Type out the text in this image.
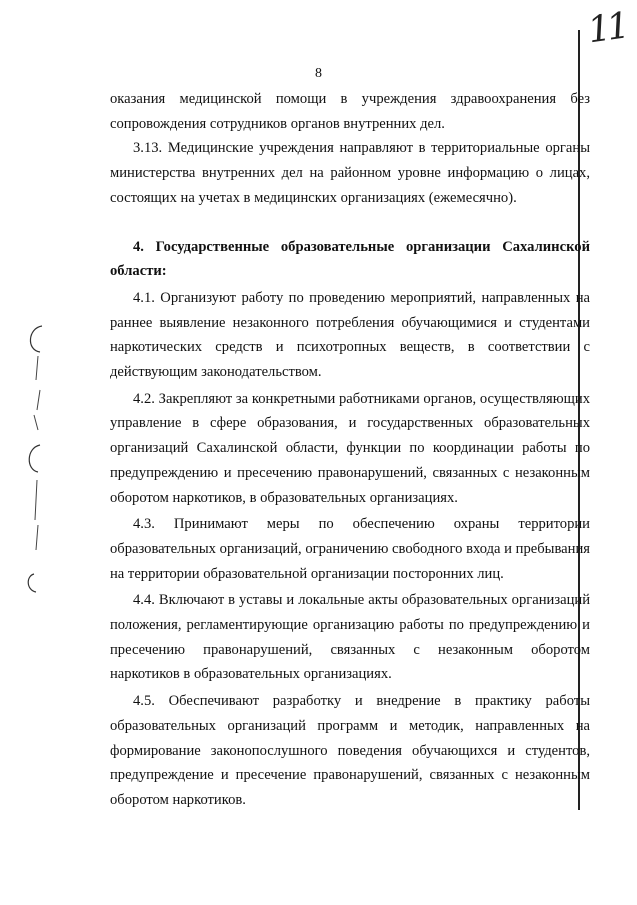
11
8

оказания медицинской помощи в учреждения здравоохранения без сопровождения сотрудников органов внутренних дел.

3.13. Медицинские учреждения направляют в территориальные органы министерства внутренних дел на районном уровне информацию о лицах, состоящих на учетах в медицинских организациях (ежемесячно).

4. Государственные образовательные организации Сахалинской области:

4.1. Организуют работу по проведению мероприятий, направленных на раннее выявление незаконного потребления обучающимися и студентами наркотических средств и психотропных веществ, в соответствии с действующим законодательством.

4.2. Закрепляют за конкретными работниками органов, осуществляющих управление в сфере образования, и государственных образовательных организаций Сахалинской области, функции по координации работы по предупреждению и пресечению правонарушений, связанных с незаконным оборотом наркотиков, в образовательных организациях.

4.3. Принимают меры по обеспечению охраны территории образовательных организаций, ограничению свободного входа и пребывания на территории образовательной организации посторонних лиц.

4.4. Включают в уставы и локальные акты образовательных организаций положения, регламентирующие организацию работы по предупреждению и пресечению правонарушений, связанных с незаконным оборотом наркотиков в образовательных организациях.

4.5. Обеспечивают разработку и внедрение в практику работы образовательных организаций программ и методик, направленных на формирование законопослушного поведения обучающихся и студентов, предупреждение и пресечение правонарушений, связанных с незаконным оборотом наркотиков.
